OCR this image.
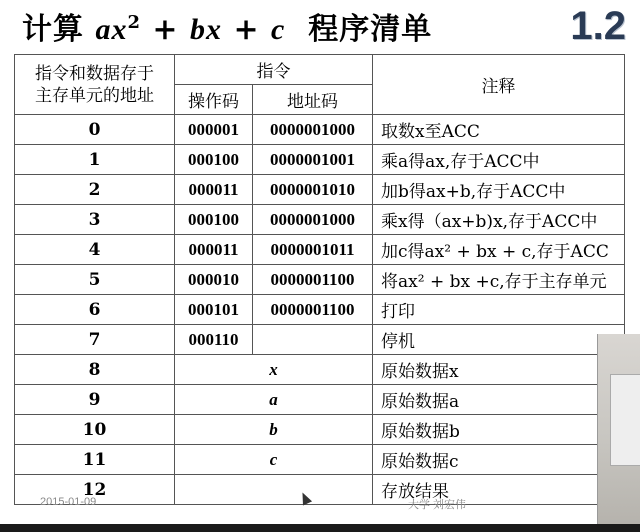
计算 $ax^2$ + bx + c 程序清单	1.2
指令和数据存于
主存单元的地址	指令		注释
	操作码	地址码	
0	000001	0000001000	取数x至ACC
1	000100	0000001001	乘a得ax,存于ACC中
2	000011	0000001010	加b得ax+b,存于ACC中
3	000100	0000001000	乘x得（ax+b)x,存于ACC中
4	000011	0000001011	加c得ax² + bx + c,存于ACC
5	000010	0000001100	将ax² + bx +c,存于主存单元
6	000101	0000001100	打印
7	000110		停机
8	x		原始数据x
9	a		原始数据a
10	b		原始数据b
11	c		原始数据c
12			存放结果
2015-01-09	大学 刘宏伟
